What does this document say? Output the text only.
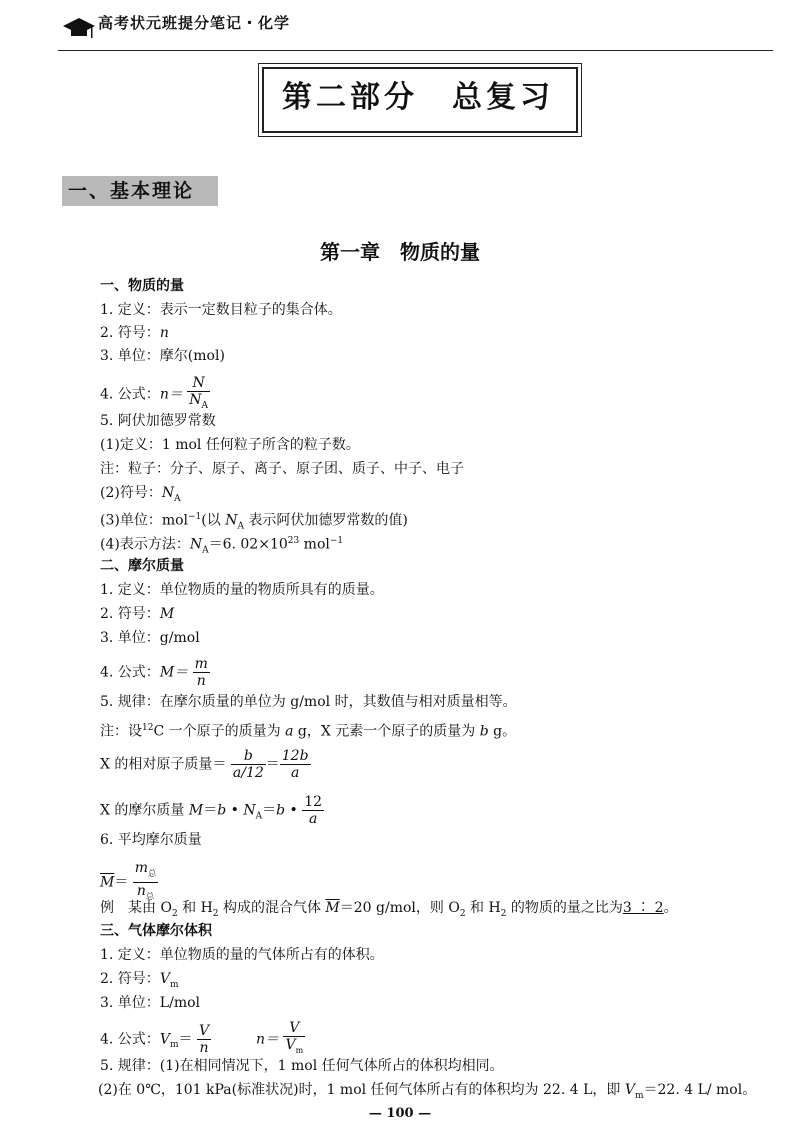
高考状元班提分笔记・化学
第二部分　总复习
一、基本理论
第一章　物质的量
一、物质的量
1. 定义：表示一定数目粒子的集合体。
2. 符号：n
3. 单位：摩尔(mol)
4. 公式：$n= \frac{N}{N_A}$
5. 阿伏加德罗常数
(1)定义：1 mol 任何粒子所含的粒子数。
注：粒子：分子、原子、离子、原子团、质子、中子、电子
(2)符号：$N_A$
(3)单位：mol$^{-1}$(以 $N_A$ 表示阿伏加德罗常数的值)
(4)表示方法：$N_A=6$. $02\times 10^{23}$ mol$^{-1}$
二、摩尔质量
1. 定义：单位物质的量的物质所具有的质量。
2. 符号：M
3. 单位：g/mol
4. 公式：$M= \frac{m}{n}$
5. 规律：在摩尔质量的单位为 g/mol 时，其数值与相对质量相等。
注：设$^{12}$C 一个原子的质量为 a g，X 元素一个原子的质量为 b g。
X 的相对原子质量＝ $\frac{b}{a/12} = \frac{12b}{a}$
X 的摩尔质量 M＝b • $N_A=b$ • $\frac{12}{a}$
6. 平均摩尔质量
$\overline{M}= \frac{m_总}{n_总}$
例　某由 $O_2$ 和 $H_2$ 构成的混合气体 $\overline{M}=20$ g/mol，则 $O_2$ 和 $H_2$ 的物质的量之比为3 ∶ 2。
三、气体摩尔体积
1. 定义：单位物质的量的气体所占有的体积。
2. 符号：$V_m$
3. 单位：L/mol
4. 公式：$V_m= \frac{V}{n}$	$n= \frac{V}{V_m}$
5. 规律：(1)在相同情况下，1 mol 任何气体所占的体积均相同。
(2)在 0℃，101 kPa(标准状况)时，1 mol 任何气体所占有的体积均为 22. 4 L，即 $V_m=22$. 4 L/ mol。
— 100 —
